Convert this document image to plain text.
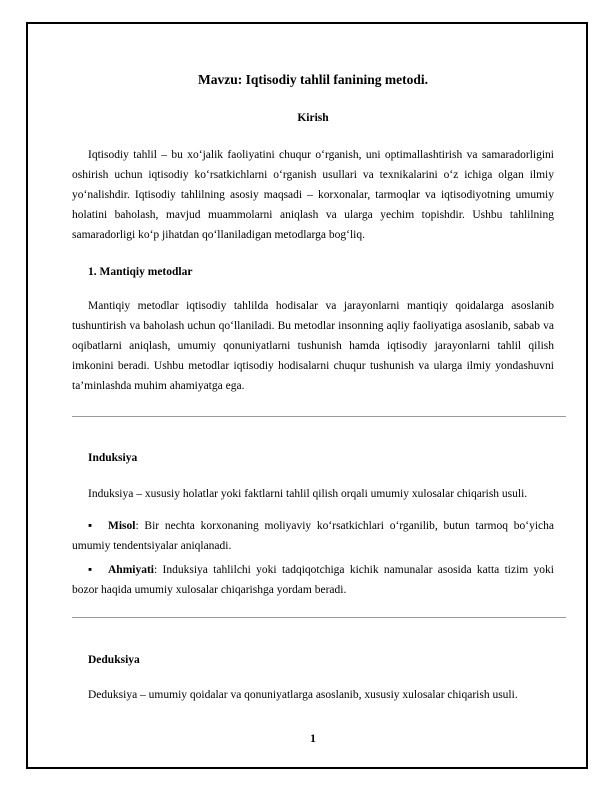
Mavzu: Iqtisodiy tahlil fanining metodi.
Kirish
Iqtisodiy tahlil – bu xo‘jalik faoliyatini chuqur o‘rganish, uni optimallashtirish va samaradorligini oshirish uchun iqtisodiy ko‘rsatkichlarni o‘rganish usullari va texnikalarini o‘z ichiga olgan ilmiy yo‘nalishdir. Iqtisodiy tahlilning asosiy maqsadi – korxonalar, tarmoqlar va iqtisodiyotning umumiy holatini baholash, mavjud muammolarni aniqlash va ularga yechim topishdir. Ushbu tahlilning samaradorligi ko‘p jihatdan qo‘llaniladigan metodlarga bog‘liq.
1. Mantiqiy metodlar
Mantiqiy metodlar iqtisodiy tahlilda hodisalar va jarayonlarni mantiqiy qoidalarga asoslanib tushuntirish va baholash uchun qo‘llaniladi. Bu metodlar insonning aqliy faoliyatiga asoslanib, sabab va oqibatlarni aniqlash, umumiy qonuniyatlarni tushunish hamda iqtisodiy jarayonlarni tahlil qilish imkonini beradi. Ushbu metodlar iqtisodiy hodisalarni chuqur tushunish va ularga ilmiy yondashuvni ta’minlashda muhim ahamiyatga ega.
Induksiya
Induksiya – xususiy holatlar yoki faktlarni tahlil qilish orqali umumiy xulosalar chiqarish usuli.
▪ Misol: Bir nechta korxonaning moliyaviy ko‘rsatkichlari o‘rganilib, butun tarmoq bo‘yicha umumiy tendentsiyalar aniqlanadi.
▪ Ahmiyati: Induksiya tahlilchi yoki tadqiqotchiga kichik namunalar asosida katta tizim yoki bozor haqida umumiy xulosalar chiqarishga yordam beradi.
Deduksiya
Deduksiya – umumiy qoidalar va qonuniyatlarga asoslanib, xususiy xulosalar chiqarish usuli.
1
